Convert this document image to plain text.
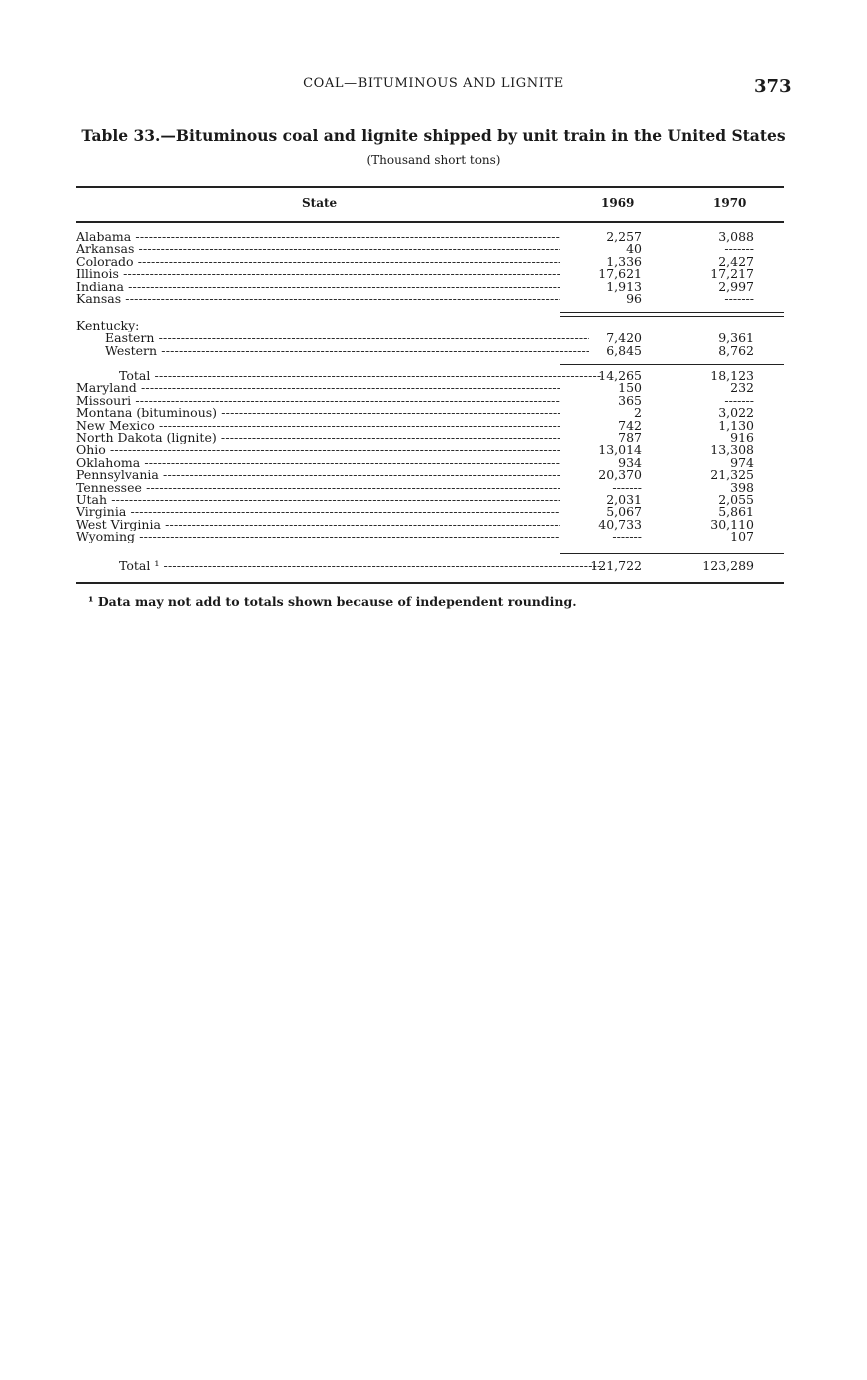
COAL—BITUMINOUS AND LIGNITE	373
Table 33.—Bituminous coal and lignite shipped by unit train in the United States
(Thousand short tons)
State	1969	1970
Alabama -----	2,257	3,088
Arkansas -----	40	-------
Colorado -----	1,336	2,427
Illinois -----	17,621	17,217
Indiana -----	1,913	2,997
Kansas -----	96	-------
Kentucky:
Eastern -----	7,420	9,361
Western -----	6,845	8,762
Total -----	14,265	18,123
Maryland -----	150	232
Missouri -----	365	-------
Montana (bituminous) -----	2	3,022
New Mexico -----	742	1,130
North Dakota (lignite) -----	787	916
Ohio -----	13,014	13,308
Oklahoma -----	934	974
Pennsylvania -----	20,370	21,325
Tennessee -----	-------	398
Utah -----	2,031	2,055
Virginia -----	5,067	5,861
West Virginia -----	40,733	30,110
Wyoming -----	-------	107
Total ¹ -----	121,722	123,289
¹ Data may not add to totals shown because of independent rounding.
